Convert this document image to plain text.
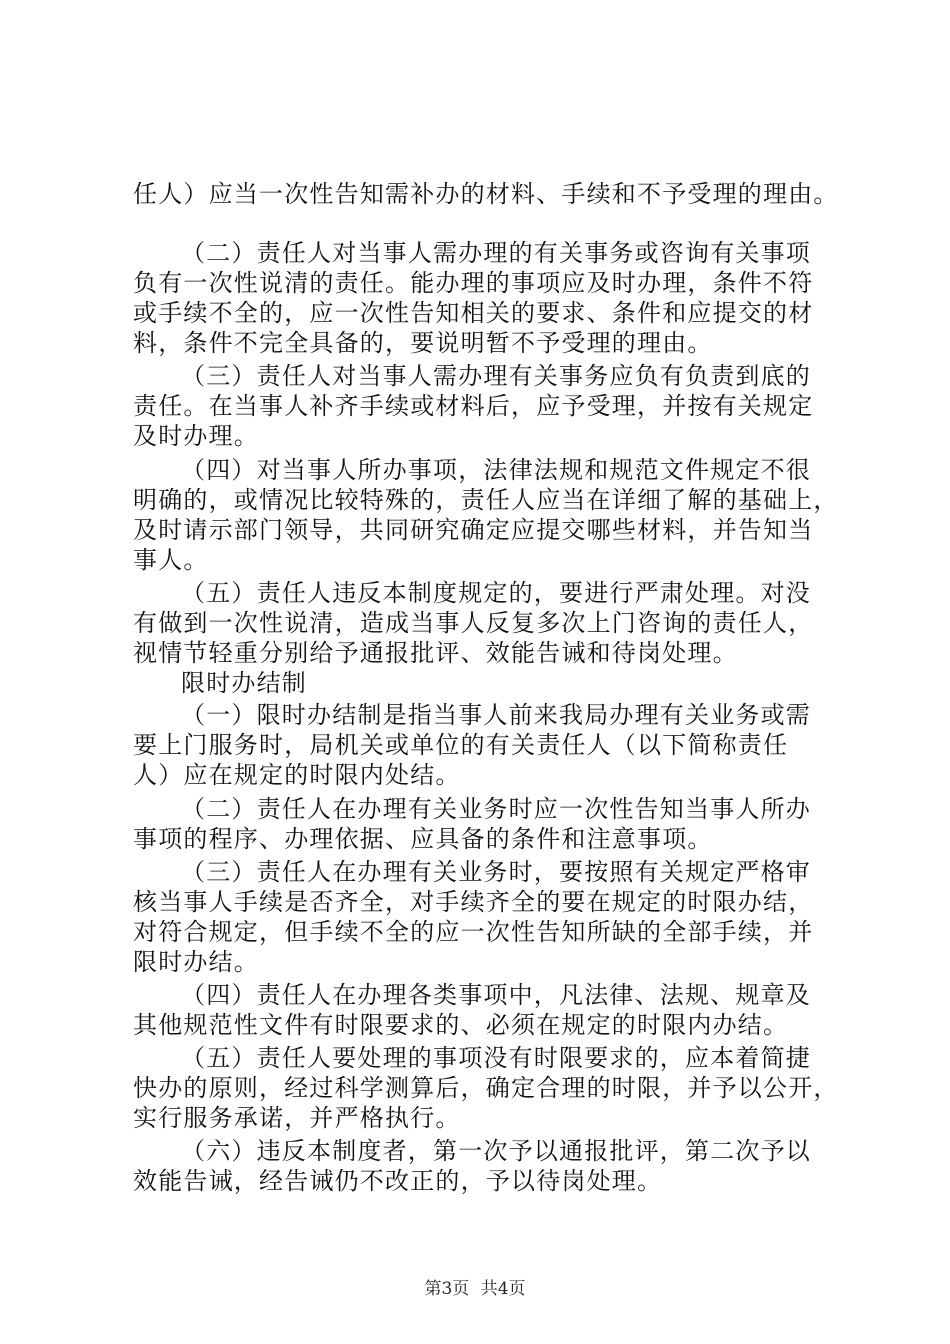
任人）应当一次性告知需补办的材料、手续和不予受理的理由。
（二）责任人对当事人需办理的有关事务或咨询有关事项
负有一次性说清的责任。能办理的事项应及时办理，条件不符
或手续不全的，应一次性告知相关的要求、条件和应提交的材
料，条件不完全具备的，要说明暂不予受理的理由。
（三）责任人对当事人需办理有关事务应负有负责到底的
责任。在当事人补齐手续或材料后，应予受理，并按有关规定
及时办理。
（四）对当事人所办事项，法律法规和规范文件规定不很
明确的，或情况比较特殊的，责任人应当在详细了解的基础上，
及时请示部门领导，共同研究确定应提交哪些材料，并告知当
事人。
（五）责任人违反本制度规定的，要进行严肃处理。对没
有做到一次性说清，造成当事人反复多次上门咨询的责任人，
视情节轻重分别给予通报批评、效能告诫和待岗处理。
限时办结制
（一）限时办结制是指当事人前来我局办理有关业务或需
要上门服务时，局机关或单位的有关责任人（以下简称责任
人）应在规定的时限内处结。
（二）责任人在办理有关业务时应一次性告知当事人所办
事项的程序、办理依据、应具备的条件和注意事项。
（三）责任人在办理有关业务时，要按照有关规定严格审
核当事人手续是否齐全，对手续齐全的要在规定的时限办结，
对符合规定，但手续不全的应一次性告知所缺的全部手续，并
限时办结。
（四）责任人在办理各类事项中，凡法律、法规、规章及
其他规范性文件有时限要求的、必须在规定的时限内办结。
（五）责任人要处理的事项没有时限要求的，应本着简捷
快办的原则，经过科学测算后，确定合理的时限，并予以公开，
实行服务承诺，并严格执行。
（六）违反本制度者，第一次予以通报批评，第二次予以
效能告诫，经告诫仍不改正的，予以待岗处理。
第3页 共4页
